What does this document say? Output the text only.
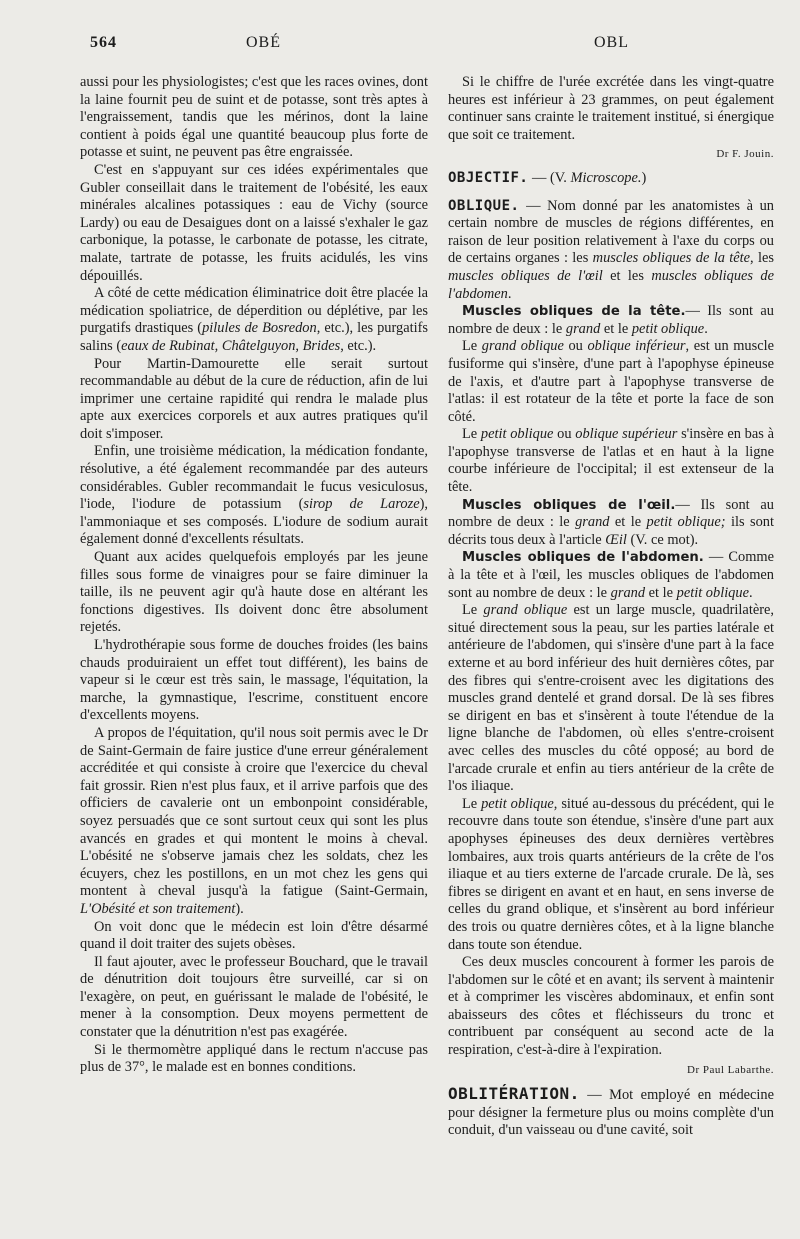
564	OBÉ	OBL

aussi pour les physiologistes; c'est que les races ovines, dont la laine fournit peu de suint et de potasse, sont très aptes à l'engraissement, tandis que les mérinos, dont la laine contient à poids égal une quantité beaucoup plus forte de potasse et suint, ne peuvent pas être engraissée.

C'est en s'appuyant sur ces idées expérimentales que Gubler conseillait dans le traitement de l'obésité, les eaux minérales alcalines potassiques : eau de Vichy (source Lardy) ou eau de Desaigues dont on a laissé s'exhaler le gaz carbonique, la potasse, le carbonate de potasse, les citrate, malate, tartrate de potasse, les fruits acidulés, les vins dépouillés.

A côté de cette médication éliminatrice doit être placée la médication spoliatrice, de déperdition ou déplétive, par les purgatifs drastiques (pilules de Bosredon, etc.), les purgatifs salins (eaux de Rubinat, Châtelguyon, Brides, etc.).

Pour Martin-Damourette elle serait surtout recommandable au début de la cure de réduction, afin de lui imprimer une certaine rapidité qui rendra le malade plus apte aux exercices corporels et aux autres pratiques qu'il doit s'imposer.

Enfin, une troisième médication, la médication fondante, résolutive, a été également recommandée par des auteurs considérables. Gubler recommandait le fucus vesiculosus, l'iode, l'iodure de potassium (sirop de Laroze), l'ammoniaque et ses composés. L'iodure de sodium aurait également donné d'excellents résultats.

Quant aux acides quelquefois employés par les jeune filles sous forme de vinaigres pour se faire diminuer la taille, ils ne peuvent agir qu'à haute dose en altérant les fonctions digestives. Ils doivent donc être absolument rejetés.

L'hydrothérapie sous forme de douches froides (les bains chauds produiraient un effet tout différent), les bains de vapeur si le cœur est très sain, le massage, l'équitation, la marche, la gymnastique, l'escrime, constituent encore d'excellents moyens.

A propos de l'équitation, qu'il nous soit permis avec le Dr de Saint-Germain de faire justice d'une erreur généralement accréditée et qui consiste à croire que l'exercice du cheval fait grossir. Rien n'est plus faux, et il arrive parfois que des officiers de cavalerie ont un embonpoint considérable, soyez persuadés que ce sont surtout ceux qui sont les plus avancés en grades et qui montent le moins à cheval. L'obésité ne s'observe jamais chez les soldats, chez les écuyers, chez les postillons, en un mot chez les gens qui montent à cheval jusqu'à la fatigue (Saint-Germain, L'Obésité et son traitement).

On voit donc que le médecin est loin d'être désarmé quand il doit traiter des sujets obèses.

Il faut ajouter, avec le professeur Bouchard, que le travail de dénutrition doit toujours être surveillé, car si on l'exagère, on peut, en guérissant le malade de l'obésité, le mener à la consomption. Deux moyens permettent de constater que la dénutrition n'est pas exagérée.

Si le thermomètre appliqué dans le rectum n'accuse pas plus de 37°, le malade est en bonnes conditions.

Si le chiffre de l'urée excrétée dans les vingt-quatre heures est inférieur à 23 grammes, on peut également continuer sans crainte le traitement institué, si énergique que soit ce traitement.

Dr F. Jouin.

OBJECTIF. — (V. Microscope.)

OBLIQUE. — Nom donné par les anatomistes à un certain nombre de muscles de régions différentes, en raison de leur position relativement à l'axe du corps ou de certains organes : les muscles obliques de la tête, les muscles obliques de l'œil et les muscles obliques de l'abdomen.

Muscles obliques de la tête.— Ils sont au nombre de deux : le grand et le petit oblique.

Le grand oblique ou oblique inférieur, est un muscle fusiforme qui s'insère, d'une part à l'apophyse épineuse de l'axis, et d'autre part à l'apophyse transverse de l'atlas: il est rotateur de la tête et porte la face de son côté.

Le petit oblique ou oblique supérieur s'insère en bas à l'apophyse transverse de l'atlas et en haut à la ligne courbe inférieure de l'occipital; il est extenseur de la tête.

Muscles obliques de l'œil.— Ils sont au nombre de deux : le grand et le petit oblique; ils sont décrits tous deux à l'article Œil (V. ce mot).

Muscles obliques de l'abdomen. — Comme à la tête et à l'œil, les muscles obliques de l'abdomen sont au nombre de deux : le grand et le petit oblique.

Le grand oblique est un large muscle, quadrilatère, situé directement sous la peau, sur les parties latérale et antérieure de l'abdomen, qui s'insère d'une part à la face externe et au bord inférieur des huit dernières côtes, par des fibres qui s'entre-croisent avec les digitations des muscles grand dentelé et grand dorsal. De là ses fibres se dirigent en bas et s'insèrent à toute l'étendue de la ligne blanche de l'abdomen, où elles s'entre-croisent avec celles des muscles du côté opposé; au bord de l'arcade crurale et enfin au tiers antérieur de la crête de l'os iliaque.

Le petit oblique, situé au-dessous du précédent, qui le recouvre dans toute son étendue, s'insère d'une part aux apophyses épineuses des deux dernières vertèbres lombaires, aux trois quarts antérieurs de la crête de l'os iliaque et au tiers externe de l'arcade crurale. De là, ses fibres se dirigent en avant et en haut, en sens inverse de celles du grand oblique, et s'insèrent au bord inférieur des trois ou quatre dernières côtes, et à la ligne blanche dans toute son étendue.

Ces deux muscles concourent à former les parois de l'abdomen sur le côté et en avant; ils servent à maintenir et à comprimer les viscères abdominaux, et enfin sont abaisseurs des côtes et fléchisseurs du tronc et contribuent par conséquent au second acte de la respiration, c'est-à-dire à l'expiration.

Dr Paul Labarthe.

OBLITÉRATION. — Mot employé en médecine pour désigner la fermeture plus ou moins complète d'un conduit, d'un vaisseau ou d'une cavité, soit
